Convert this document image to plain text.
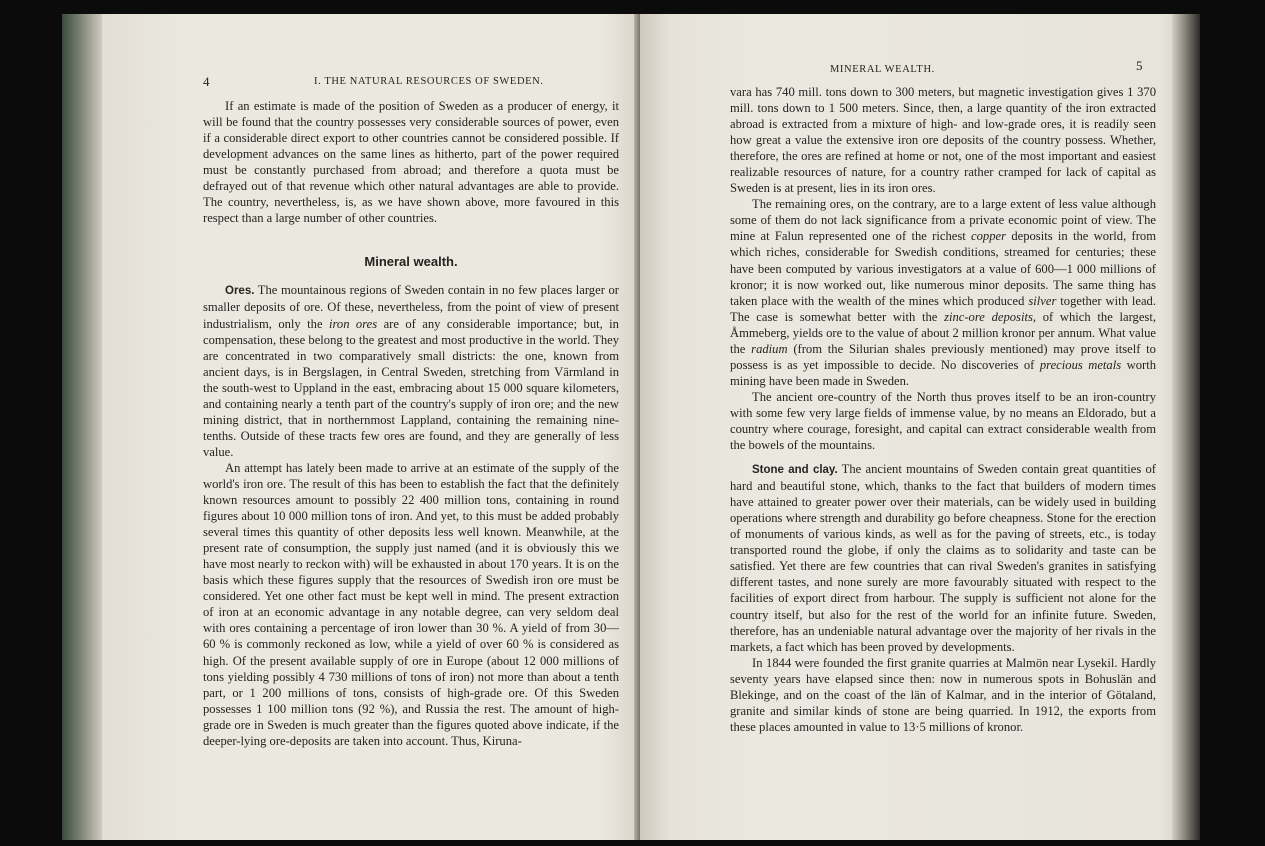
4	I. THE NATURAL RESOURCES OF SWEDEN.

If an estimate is made of the position of Sweden as a producer of energy, it will be found that the country possesses very considerable sources of power, even if a considerable direct export to other countries cannot be considered possible. If development advances on the same lines as hitherto, part of the power required must be constantly purchased from abroad; and therefore a quota must be defrayed out of that revenue which other natural advantages are able to provide. The country, nevertheless, is, as we have shown above, more favoured in this respect than a large number of other countries.

Mineral wealth.

Ores. The mountainous regions of Sweden contain in no few places larger or smaller deposits of ore. Of these, nevertheless, from the point of view of present industrialism, only the iron ores are of any considerable importance; but, in compensation, these belong to the greatest and most productive in the world. They are concentrated in two comparatively small districts: the one, known from ancient days, is in Bergslagen, in Central Sweden, stretching from Värmland in the south-west to Uppland in the east, embracing about 15 000 square kilometers, and containing nearly a tenth part of the country's supply of iron ore; and the new mining district, that in northernmost Lappland, containing the remaining nine-tenths. Outside of these tracts few ores are found, and they are generally of less value.

An attempt has lately been made to arrive at an estimate of the supply of the world's iron ore. The result of this has been to establish the fact that the definitely known resources amount to possibly 22 400 million tons, containing in round figures about 10 000 million tons of iron. And yet, to this must be added probably several times this quantity of other deposits less well known. Meanwhile, at the present rate of consumption, the supply just named (and it is obviously this we have most nearly to reckon with) will be exhausted in about 170 years. It is on the basis which these figures supply that the resources of Swedish iron ore must be considered. Yet one other fact must be kept well in mind. The present extraction of iron at an economic advantage in any notable degree, can very seldom deal with ores containing a percentage of iron lower than 30 %. A yield of from 30—60 % is commonly reckoned as low, while a yield of over 60 % is considered as high. Of the present available supply of ore in Europe (about 12 000 millions of tons yielding possibly 4 730 millions of tons of iron) not more than about a tenth part, or 1 200 millions of tons, consists of high-grade ore. Of this Sweden possesses 1 100 million tons (92 %), and Russia the rest. The amount of high-grade ore in Sweden is much greater than the figures quoted above indicate, if the deeper-lying ore-deposits are taken into account. Thus, Kiruna-

MINERAL WEALTH.	5

vara has 740 mill. tons down to 300 meters, but magnetic investigation gives 1 370 mill. tons down to 1 500 meters. Since, then, a large quantity of the iron extracted abroad is extracted from a mixture of high- and low-grade ores, it is readily seen how great a value the extensive iron ore deposits of the country possess. Whether, therefore, the ores are refined at home or not, one of the most important and easiest realizable resources of nature, for a country rather cramped for lack of capital as Sweden is at present, lies in its iron ores.

The remaining ores, on the contrary, are to a large extent of less value although some of them do not lack significance from a private economic point of view. The mine at Falun represented one of the richest copper deposits in the world, from which riches, considerable for Swedish conditions, streamed for centuries; these have been computed by various investigators at a value of 600—1 000 millions of kronor; it is now worked out, like numerous minor deposits. The same thing has taken place with the wealth of the mines which produced silver together with lead. The case is somewhat better with the zinc-ore deposits, of which the largest, Åmmeberg, yields ore to the value of about 2 million kronor per annum. What value the radium (from the Silurian shales previously mentioned) may prove itself to possess is as yet impossible to decide. No discoveries of precious metals worth mining have been made in Sweden.

The ancient ore-country of the North thus proves itself to be an iron-country with some few very large fields of immense value, by no means an Eldorado, but a country where courage, foresight, and capital can extract considerable wealth from the bowels of the mountains.

Stone and clay. The ancient mountains of Sweden contain great quantities of hard and beautiful stone, which, thanks to the fact that builders of modern times have attained to greater power over their materials, can be widely used in building operations where strength and durability go before cheapness. Stone for the erection of monuments of various kinds, as well as for the paving of streets, etc., is today transported round the globe, if only the claims as to solidarity and taste can be satisfied. Yet there are few countries that can rival Sweden's granites in satisfying different tastes, and none surely are more favourably situated with respect to the facilities of export direct from harbour. The supply is sufficient not alone for the country itself, but also for the rest of the world for an infinite future. Sweden, therefore, has an undeniable natural advantage over the majority of her rivals in the markets, a fact which has been proved by developments.

In 1844 were founded the first granite quarries at Malmön near Lysekil. Hardly seventy years have elapsed since then: now in numerous spots in Bohuslän and Blekinge, and on the coast of the län of Kalmar, and in the interior of Götaland, granite and similar kinds of stone are being quarried. In 1912, the exports from these places amounted in value to 13·5 millions of kronor.
